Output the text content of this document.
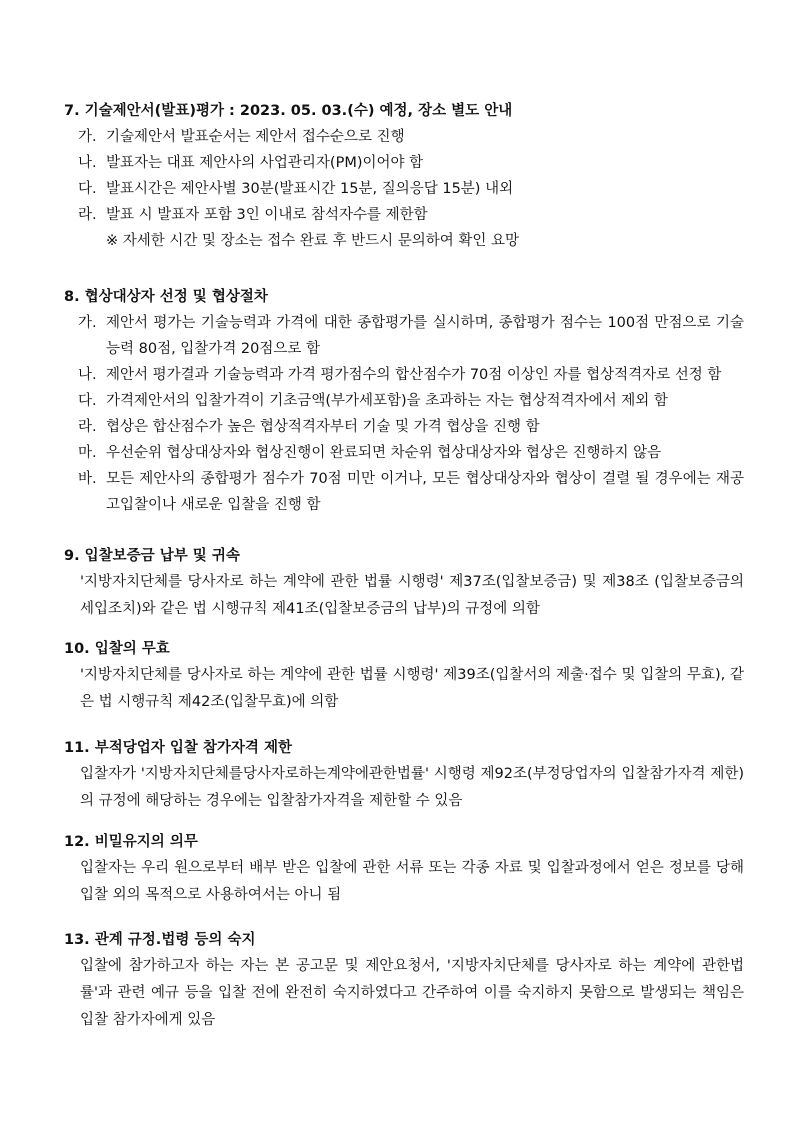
7. 기술제안서(발표)평가 : 2023. 05. 03.(수) 예정, 장소 별도 안내
가. 기술제안서 발표순서는 제안서 접수순으로 진행
나. 발표자는 대표 제안사의 사업관리자(PM)이어야 함
다. 발표시간은 제안사별 30분(발표시간 15분, 질의응답 15분) 내외
라. 발표 시 발표자 포함 3인 이내로 참석자수를 제한함
※ 자세한 시간 및 장소는 접수 완료 후 반드시 문의하여 확인 요망
8. 협상대상자 선정 및 협상절차
가. 제안서 평가는 기술능력과 가격에 대한 종합평가를 실시하며, 종합평가 점수는 100점 만점으로 기술능력 80점, 입찰가격 20점으로 함
나. 제안서 평가결과 기술능력과 가격 평가점수의 합산점수가 70점 이상인 자를 협상적격자로 선정 함
다. 가격제안서의 입찰가격이 기초금액(부가세포함)을 초과하는 자는 협상적격자에서 제외 함
라. 협상은 합산점수가 높은 협상적격자부터 기술 및 가격 협상을 진행 함
마. 우선순위 협상대상자와 협상진행이 완료되면 차순위 협상대상자와 협상은 진행하지 않음
바. 모든 제안사의 종합평가 점수가 70점 미만 이거나, 모든 협상대상자와 협상이 결렬 될 경우에는 재공고입찰이나 새로운 입찰을 진행 함
9. 입찰보증금 납부 및 귀속
'지방자치단체를 당사자로 하는 계약에 관한 법률 시행령' 제37조(입찰보증금) 및 제38조 (입찰보증금의 세입조치)와 같은 법 시행규칙 제41조(입찰보증금의 납부)의 규정에 의함
10. 입찰의 무효
'지방자치단체를 당사자로 하는 계약에 관한 법률 시행령' 제39조(입찰서의 제출·접수 및 입찰의 무효), 같은 법 시행규칙 제42조(입찰무효)에 의함
11. 부적당업자 입찰 참가자격 제한
입찰자가 '지방자치단체를당사자로하는계약에관한법률' 시행령 제92조(부정당업자의 입찰참가자격 제한)의 규정에 해당하는 경우에는 입찰참가자격을 제한할 수 있음
12. 비밀유지의 의무
입찰자는 우리 원으로부터 배부 받은 입찰에 관한 서류 또는 각종 자료 및 입찰과정에서 얻은 정보를 당해 입찰 외의 목적으로 사용하여서는 아니 됨
13. 관계 규정.법령 등의 숙지
입찰에 참가하고자 하는 자는 본 공고문 및 제안요청서, '지방자치단체를 당사자로 하는 계약에 관한법률'과 관련 예규 등을 입찰 전에 완전히 숙지하였다고 간주하여 이를 숙지하지 못함으로 발생되는 책임은 입찰 참가자에게 있음
